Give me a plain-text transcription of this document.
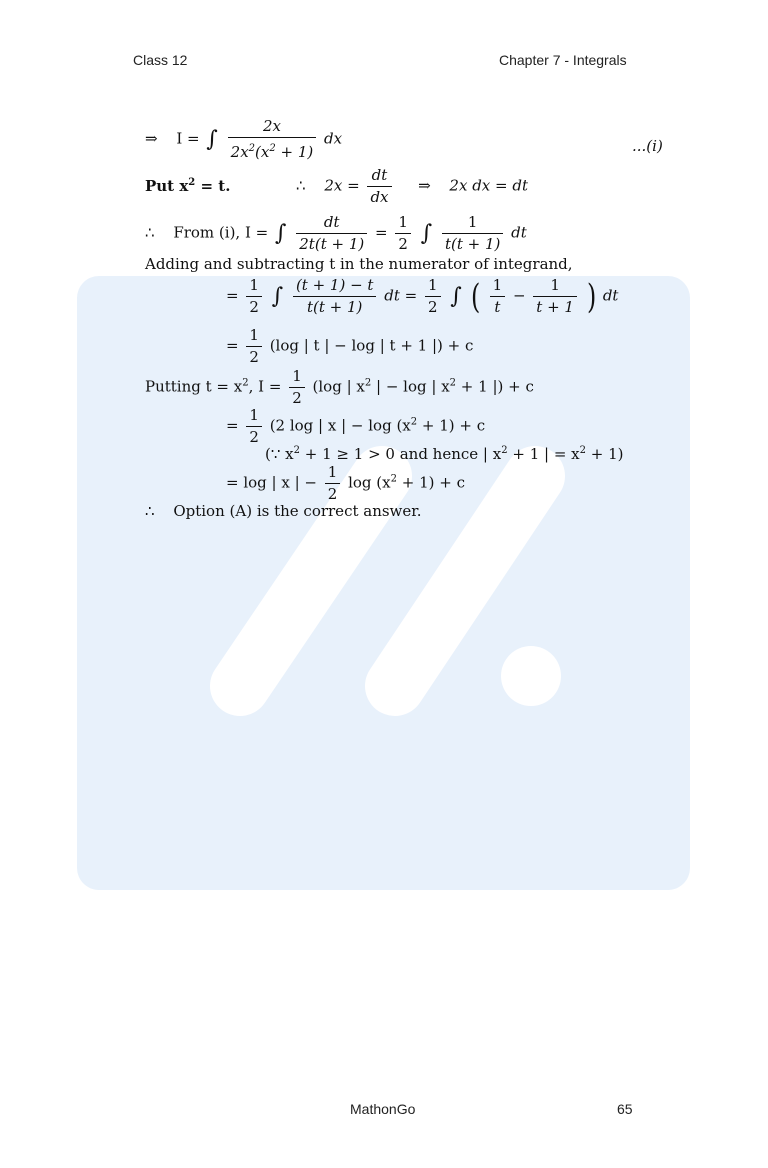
Class 12	Chapter 7 - Integrals
⇒ I = ∫ $\frac{2x}{2x^2(x^2 + 1)}$ dx	...(i)
Put $x^2 = t$.	∴ $2x = \frac{dt}{dx}$ ⇒ 2x dx = dt
∴ From (i), I = ∫ $\frac{dt}{2t(t + 1)} = \frac{1}{2}$ ∫ $\frac{1}{t(t + 1)}$ dt
Adding and subtracting t in the numerator of integrand,
= $\frac{1}{2}$ ∫ $\frac{(t + 1) - t}{t(t + 1)}$ dt = $\frac{1}{2}$ ∫ ( $\frac{1}{t} - \frac{1}{t + 1}$ ) dt
= $\frac{1}{2} (\log$ | t | − log | t + 1 |) + c
Putting $t = x^2$, $I = \frac{1}{2} (\log$ | $x^2$ | − log | $x^2 + 1$ |) + c
= $\frac{1}{2} (2$ log | x | − $\log (x^2 + 1) + c$
(∵ $x^2 + 1 \ge 1 > 0$ and hence | $x^2 + 1$ | = $x^2 + 1$)
= log | x | − $\frac{1}{2}$ $\log (x^2 + 1) + c$
∴ Option (A) is the correct answer.
MathonGo	65
